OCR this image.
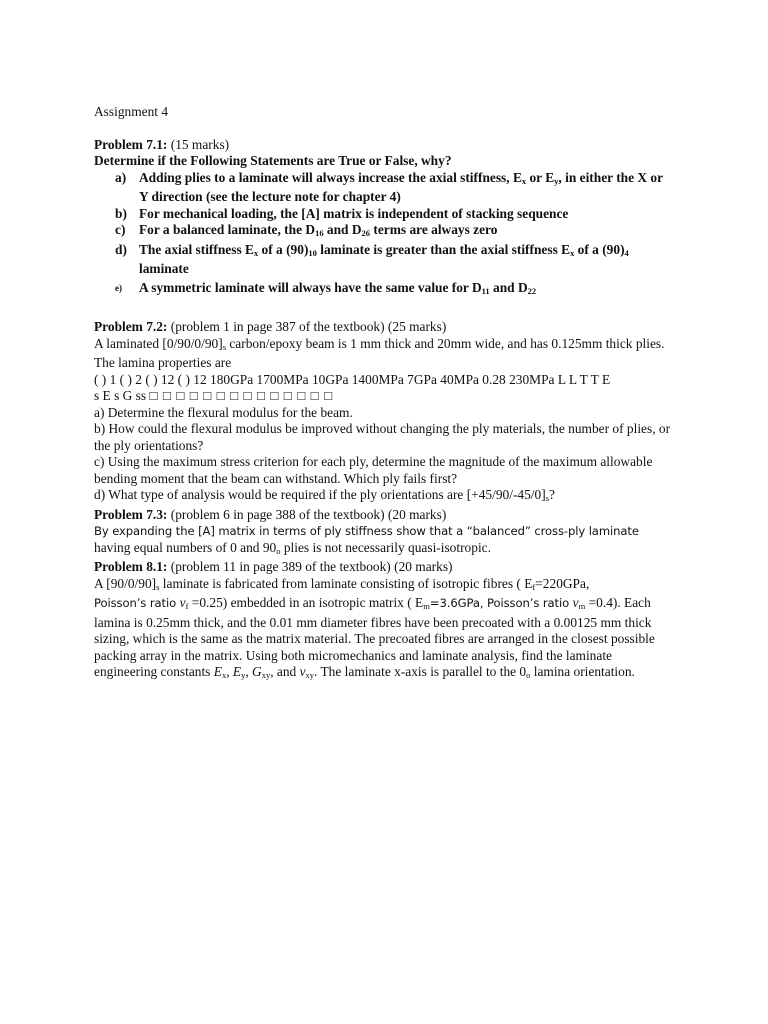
Assignment 4

Problem 7.1: (15 marks)

Determine if the Following Statements are True or False, why?

a) Adding plies to a laminate will always increase the axial stiffness, $E_x$ or $E_y$, in either the X or Y direction (see the lecture note for chapter 4)
b) For mechanical loading, the [A] matrix is independent of stacking sequence
c) For a balanced laminate, the $D_{16}$ and $D_{26}$ terms are always zero
d) The axial stiffness $E_x$ of a $(90)_{10}$ laminate is greater than the axial stiffness $E_x$ of a $(90)_4$ laminate
e) A symmetric laminate will always have the same value for $D_{11}$ and $D_{22}$

Problem 7.2: (problem 1 in page 387 of the textbook) (25 marks)

A laminated $[0/90/0/90]_s$ carbon/epoxy beam is 1 mm thick and 20mm wide, and has 0.125mm thick plies. The lamina properties are

( ) 1 ( ) 2 ( ) 12 ( ) 12 180GPa 1700MPa 10GPa 1400MPa 7GPa 40MPa 0.28 230MPa L L T T E

s E s G ss □ □ □ □ □ □ □ □ □ □ □ □ □ □

a) Determine the flexural modulus for the beam.

b) How could the flexural modulus be improved without changing the ply materials, the number of plies, or the ply orientations?

c) Using the maximum stress criterion for each ply, determine the magnitude of the maximum allowable bending moment that the beam can withstand. Which ply fails first?

d) What type of analysis would be required if the ply orientations are $[+45/90/-45/0]_s$?

Problem 7.3: (problem 6 in page 388 of the textbook) (20 marks)

By expanding the [A] matrix in terms of ply stiffness show that a “balanced” cross-ply laminate

having equal numbers of 0 and $90_o$ plies is not necessarily quasi-isotropic.

Problem 8.1: (problem 11 in page 389 of the textbook) (20 marks)

A $[90/0/90]_s$ laminate is fabricated from laminate consisting of isotropic fibres ( $E_f=220GPa$,
Poisson’s ratio $\nu_f =0.25$) embedded in an isotropic matrix ( $E_m=3.6GPa$, Poisson’s ratio $\nu_m =0.4$). Each lamina is 0.25mm thick, and the 0.01 mm diameter fibres have been precoated with a 0.00125 mm thick sizing, which is the same as the matrix material. The precoated fibres are arranged in the closest possible packing array in the matrix. Using both micromechanics and laminate analysis, find the laminate engineering constants $E_x$, $E_y$, $G_{xy}$, and $\nu_{xy}$. The laminate x-axis is parallel to the $0_o$ lamina orientation.
